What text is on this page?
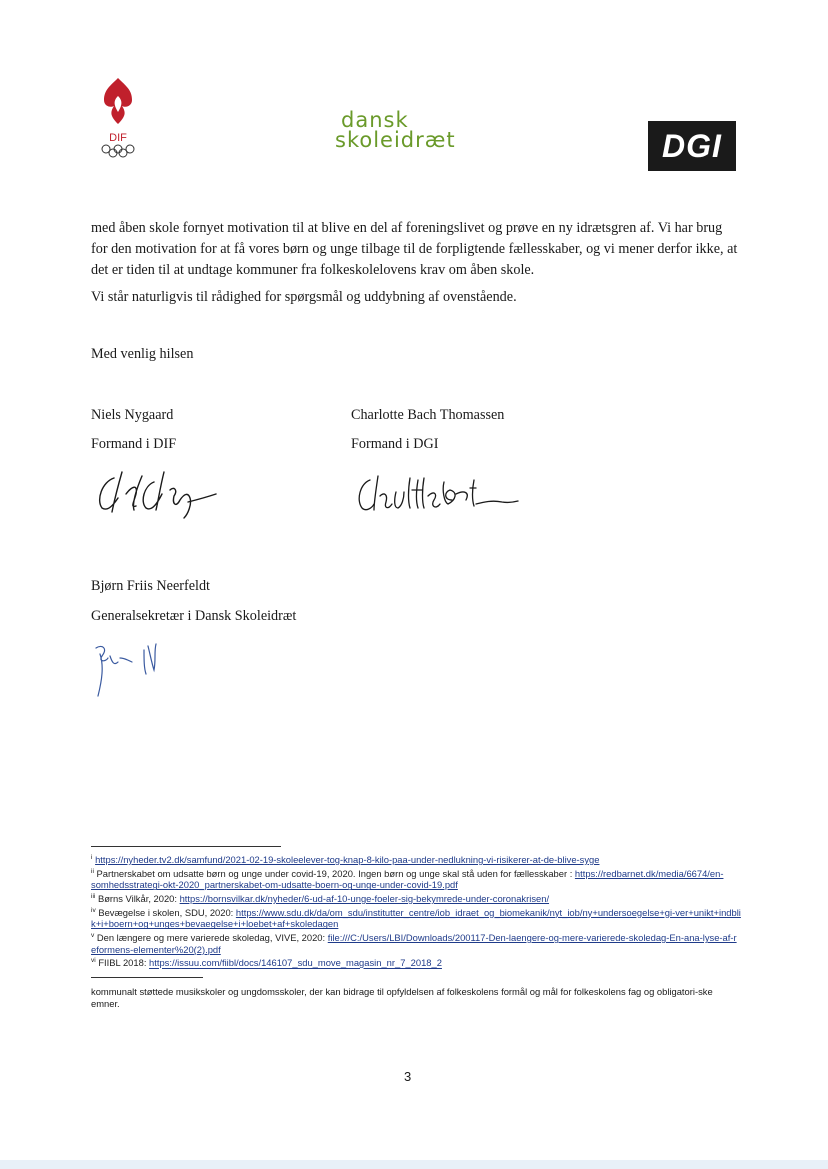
DIF
dansk
skoleidræt	DGI
med åben skole fornyet motivation til at blive en del af foreningslivet og prøve en ny idrætsgren af. Vi har brug for den motivation for at få vores børn og unge tilbage til de forpligtende fællesskaber, og vi mener derfor ikke, at det er tiden til at undtage kommuner fra folkeskolelovens krav om åben skole.
Vi står naturligvis til rådighed for spørgsmål og uddybning af ovenstående.
Med venlig hilsen
Niels Nygaard
Formand i DIF
Charlotte Bach Thomassen
Formand i DGI
Bjørn Friis Neerfeldt
Generalsekretær i Dansk Skoleidræt
$^i$ https://nyheder.tv2.dk/samfund/2021-02-19-skoleelever-tog-knap-8-kilo-paa-under-nedlukning-vi-risikerer-at-de-blive-syge
$^{ii}$ Partnerskabet om udsatte børn og unge under covid-19, 2020. Ingen børn og unge skal stå uden for fællesskaber : https://redbarnet.dk/media/6674/en-somhedsstrategi-okt-2020_partnerskabet-om-udsatte-boern-og-unge-under-covid-19.pdf
$^{iii}$ Børns Vilkår, 2020: https://bornsvilkar.dk/nyheder/6-ud-af-10-unge-foeler-sig-bekymrede-under-coronakrisen/
$^{iv}$ Bevægelse i skolen, SDU, 2020: https://www.sdu.dk/da/om_sdu/institutter_centre/iob_idraet_og_biomekanik/nyt_iob/ny+undersoegelse+gi-ver+unikt+indblik+i+boern+og+unges+bevaegelse+i+loebet+af+skoledagen
$^v$ Den længere og mere varierede skoledag, VIVE, 2020: file:///C:/Users/LBI/Downloads/200117-Den-laengere-og-mere-varierede-skoledag-En-ana-lyse-af-reformens-elementer%20(2).pdf
$^{vi}$ FIIBL 2018: https://issuu.com/fiibl/docs/146107_sdu_move_magasin_nr_7_2018_2
kommunalt støttede musikskoler og ungdomsskoler, der kan bidrage til opfyldelsen af folkeskolens formål og mål for folkeskolens fag og obligatori-ske emner.
3
